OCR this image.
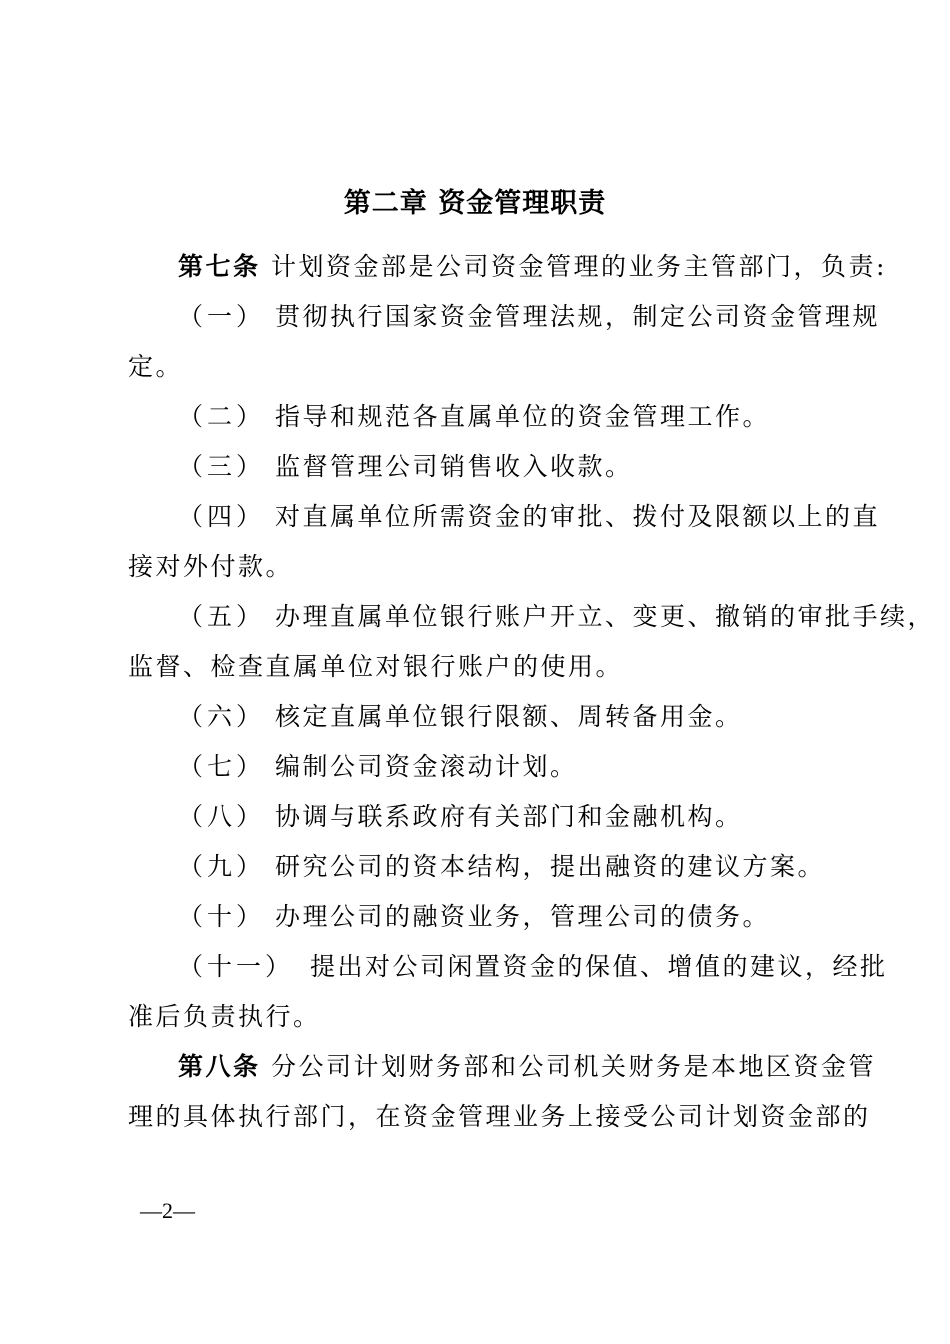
第二章 资金管理职责
第七条 计划资金部是公司资金管理的业务主管部门，负责:
（一） 贯彻执行国家资金管理法规，制定公司资金管理规
定。
（二） 指导和规范各直属单位的资金管理工作。
（三） 监督管理公司销售收入收款。
（四） 对直属单位所需资金的审批、拨付及限额以上的直
接对外付款。
（五） 办理直属单位银行账户开立、变更、撤销的审批手续，
监督、检查直属单位对银行账户的使用。
（六） 核定直属单位银行限额、周转备用金。
（七） 编制公司资金滚动计划。
（八） 协调与联系政府有关部门和金融机构。
（九） 研究公司的资本结构，提出融资的建议方案。
（十） 办理公司的融资业务，管理公司的债务。
（十一） 提出对公司闲置资金的保值、增值的建议，经批
准后负责执行。
第八条 分公司计划财务部和公司机关财务是本地区资金管
理的具体执行部门，在资金管理业务上接受公司计划资金部的
—2—
